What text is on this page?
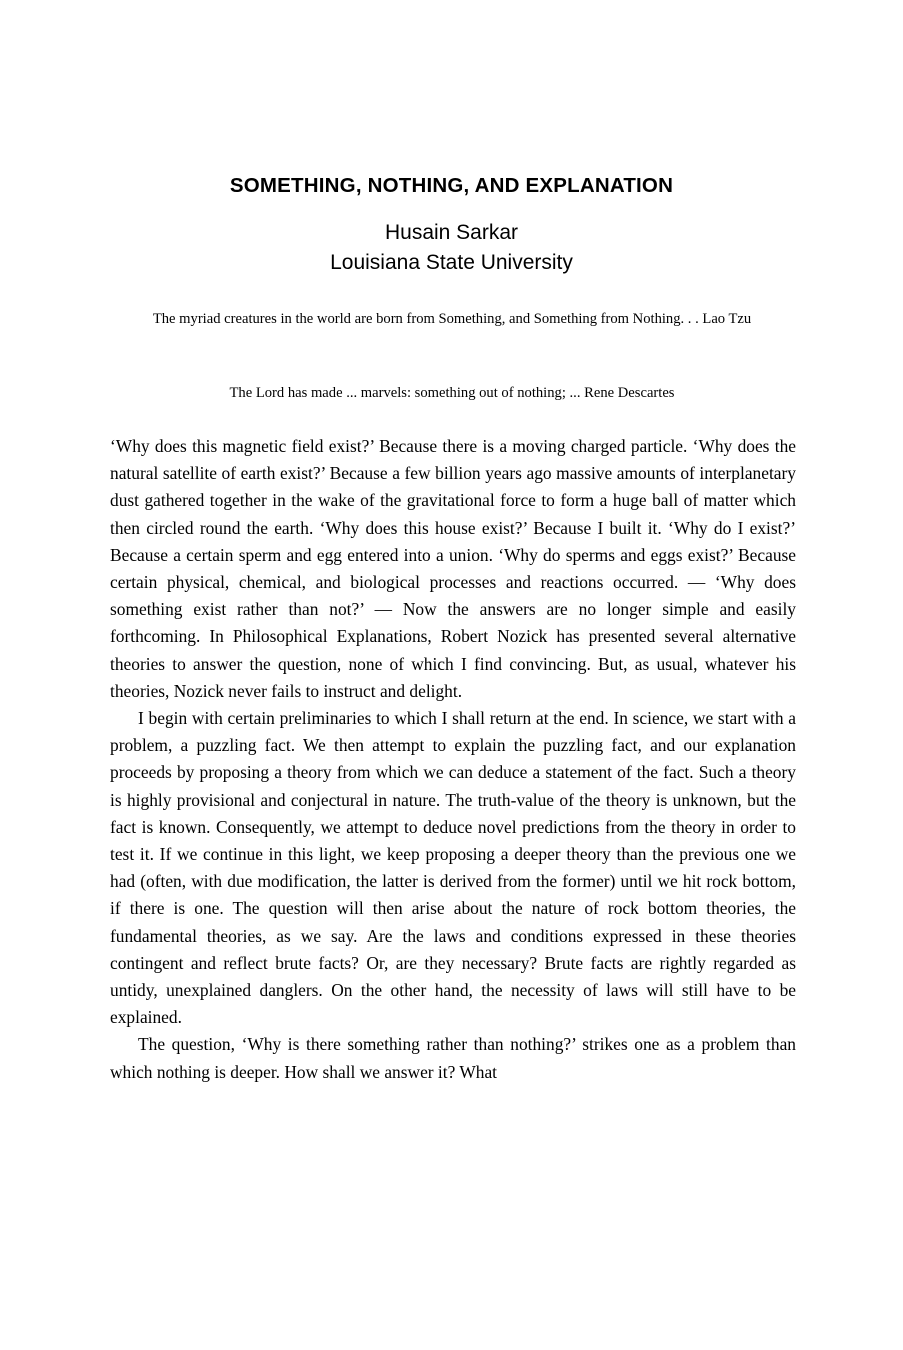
SOMETHING, NOTHING, AND EXPLANATION
Husain Sarkar
Louisiana State University
The myriad creatures in the world are born from Something, and Something from Nothing. . . Lao Tzu
The Lord has made ... marvels: something out of nothing; ... Rene Descartes

‘Why does this magnetic field exist?’ Because there is a moving charged particle. ‘Why does the natural satellite of earth exist?’ Because a few billion years ago massive amounts of interplanetary dust gathered together in the wake of the gravitational force to form a huge ball of matter which then circled round the earth. ‘Why does this house exist?’ Because I built it. ‘Why do I exist?’ Because a certain sperm and egg entered into a union. ‘Why do sperms and eggs exist?’ Because certain physical, chemical, and biological processes and reactions occurred. — ‘Why does something exist rather than not?’ — Now the answers are no longer simple and easily forthcoming. In Philosophical Explanations, Robert Nozick has presented several alternative theories to answer the question, none of which I find convincing. But, as usual, whatever his theories, Nozick never fails to instruct and delight.

I begin with certain preliminaries to which I shall return at the end. In science, we start with a problem, a puzzling fact. We then attempt to explain the puzzling fact, and our explanation proceeds by proposing a theory from which we can deduce a statement of the fact. Such a theory is highly provisional and conjectural in nature. The truth-value of the theory is unknown, but the fact is known. Consequently, we attempt to deduce novel predictions from the theory in order to test it. If we continue in this light, we keep proposing a deeper theory than the previous one we had (often, with due modification, the latter is derived from the former) until we hit rock bottom, if there is one. The question will then arise about the nature of rock bottom theories, the fundamental theories, as we say. Are the laws and conditions expressed in these theories contingent and reflect brute facts? Or, are they necessary? Brute facts are rightly regarded as untidy, unexplained danglers. On the other hand, the necessity of laws will still have to be explained.

The question, ‘Why is there something rather than nothing?’ strikes one as a problem than which nothing is deeper. How shall we answer it? What
